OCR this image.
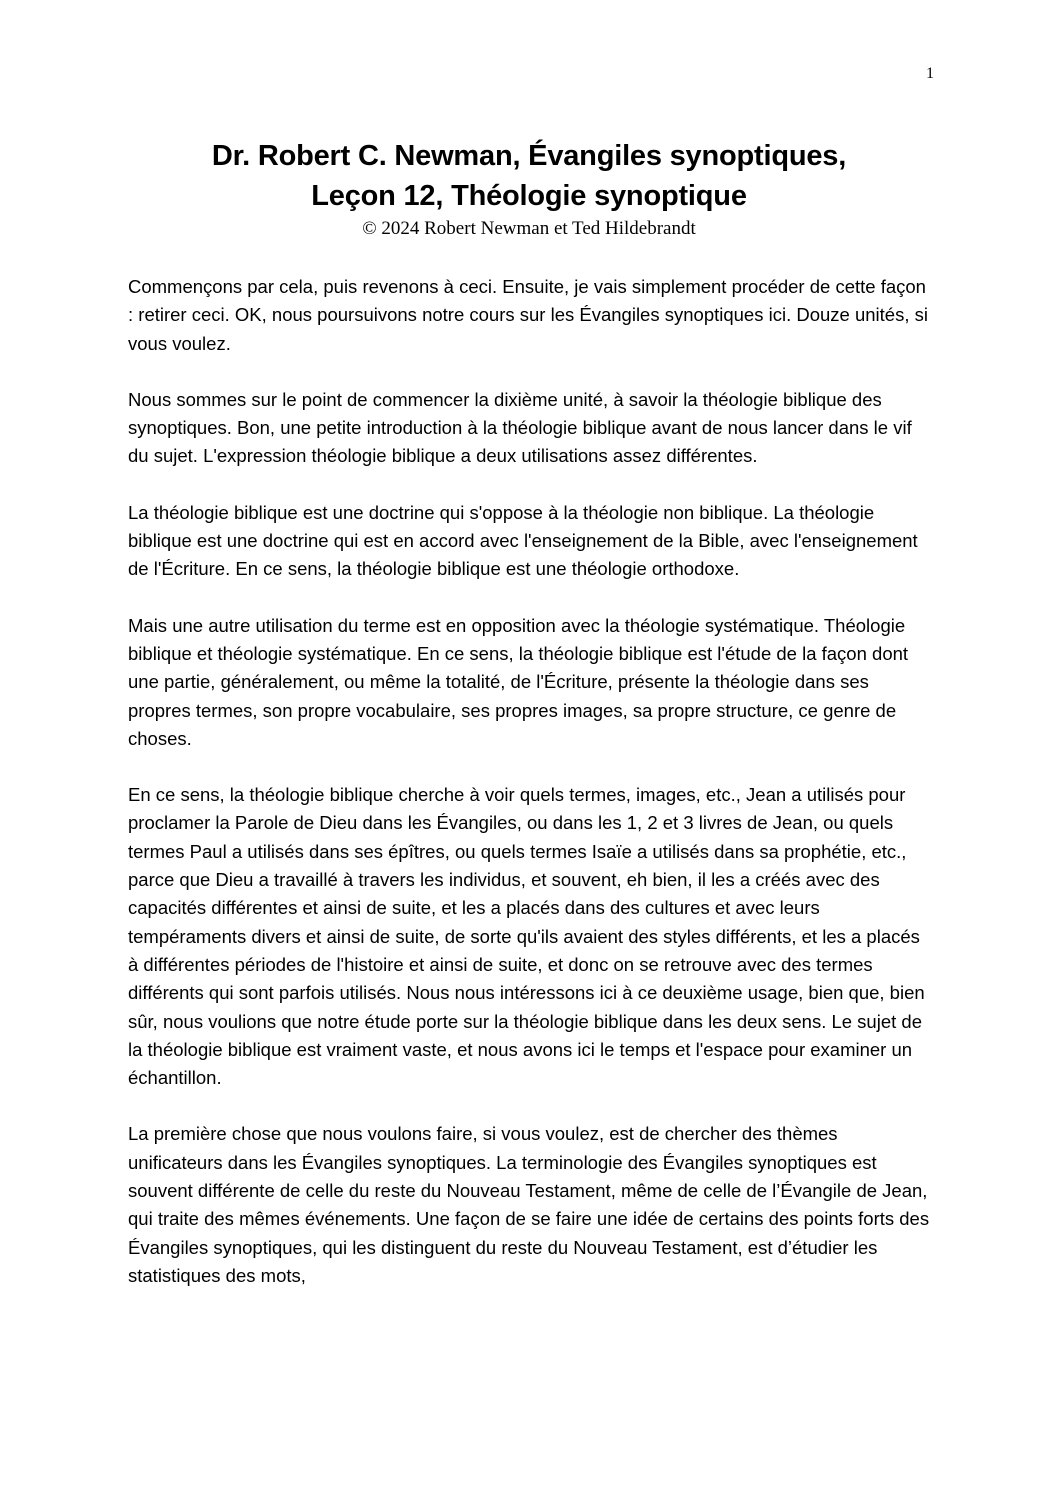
1
Dr. Robert C. Newman, Évangiles synoptiques,
Leçon 12, Théologie synoptique
© 2024 Robert Newman et Ted Hildebrandt

Commençons par cela, puis revenons à ceci. Ensuite, je vais simplement procéder de cette façon : retirer ceci. OK, nous poursuivons notre cours sur les Évangiles synoptiques ici. Douze unités, si vous voulez.

Nous sommes sur le point de commencer la dixième unité, à savoir la théologie biblique des synoptiques. Bon, une petite introduction à la théologie biblique avant de nous lancer dans le vif du sujet. L'expression théologie biblique a deux utilisations assez différentes.

La théologie biblique est une doctrine qui s'oppose à la théologie non biblique. La théologie biblique est une doctrine qui est en accord avec l'enseignement de la Bible, avec l'enseignement de l'Écriture. En ce sens, la théologie biblique est une théologie orthodoxe.

Mais une autre utilisation du terme est en opposition avec la théologie systématique. Théologie biblique et théologie systématique. En ce sens, la théologie biblique est l'étude de la façon dont une partie, généralement, ou même la totalité, de l'Écriture, présente la théologie dans ses propres termes, son propre vocabulaire, ses propres images, sa propre structure, ce genre de choses.

En ce sens, la théologie biblique cherche à voir quels termes, images, etc., Jean a utilisés pour proclamer la Parole de Dieu dans les Évangiles, ou dans les 1, 2 et 3 livres de Jean, ou quels termes Paul a utilisés dans ses épîtres, ou quels termes Isaïe a utilisés dans sa prophétie, etc., parce que Dieu a travaillé à travers les individus, et souvent, eh bien, il les a créés avec des capacités différentes et ainsi de suite, et les a placés dans des cultures et avec leurs tempéraments divers et ainsi de suite, de sorte qu'ils avaient des styles différents, et les a placés à différentes périodes de l'histoire et ainsi de suite, et donc on se retrouve avec des termes différents qui sont parfois utilisés. Nous nous intéressons ici à ce deuxième usage, bien que, bien sûr, nous voulions que notre étude porte sur la théologie biblique dans les deux sens. Le sujet de la théologie biblique est vraiment vaste, et nous avons ici le temps et l'espace pour examiner un échantillon.

La première chose que nous voulons faire, si vous voulez, est de chercher des thèmes unificateurs dans les Évangiles synoptiques. La terminologie des Évangiles synoptiques est souvent différente de celle du reste du Nouveau Testament, même de celle de l’Évangile de Jean, qui traite des mêmes événements. Une façon de se faire une idée de certains des points forts des Évangiles synoptiques, qui les distinguent du reste du Nouveau Testament, est d’étudier les statistiques des mots,
